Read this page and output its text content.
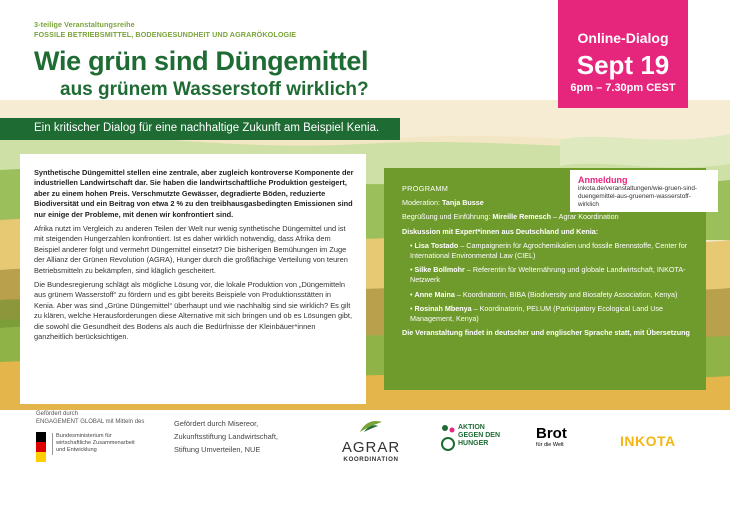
3-teilige Veranstaltungsreihe
FOSSILE BETRIEBSMITTEL, BODENGESUNDHEIT UND AGRARÖKOLOGIE
Wie grün sind Düngemittel
aus grünem Wasserstoff wirklich?
Online-Dialog
Sept 19
6pm – 7.30pm CEST
Ein kritischer Dialog für eine nachhaltige Zukunft am Beispiel Kenia.

Synthetische Düngemittel stellen eine zentrale, aber zugleich kontroverse Komponente der industriellen Landwirtschaft dar. Sie haben die landwirtschaftliche Produktion gesteigert, aber zu einem hohen Preis. Verschmutzte Gewässer, degradierte Böden, reduzierte Biodiversität und ein Beitrag von etwa 2 % zu den treibhausgasbedingten Emissionen sind nur einige der Probleme, mit denen wir konfrontiert sind.

Afrika nutzt im Vergleich zu anderen Teilen der Welt nur wenig synthetische Düngemittel und ist mit steigenden Hungerzahlen konfrontiert. Ist es daher wirklich notwendig, dass Afrika dem Beispiel anderer folgt und vermehrt Düngemittel einsetzt? Die bisherigen Bemühungen im Zuge der Allianz der Grünen Revolution (AGRA), Hunger durch die großflächige Verteilung von teuren Betriebsmitteln zu bekämpfen, sind kläglich gescheitert.

Die Bundesregierung schlägt als mögliche Lösung vor, die lokale Produktion von „Düngemitteln aus grünem Wasserstoff“ zu fördern und es gibt bereits Beispiele von Produktionsstätten in Kenia. Aber was sind „Grüne Düngemittel“ überhaupt und wie nachhaltig sind sie wirklich? Es gilt zu klären, welche Herausforderungen diese Alternative mit sich bringen und ob es Lösungen gibt, die sowohl die Gesundheit des Bodens als auch die Bedürfnisse der Kleinbäuer*innen ganzheitlich berücksichtigen.

PROGRAMM

Moderation: Tanja Busse

Begrüßung und Einführung: Mireille Remesch – Agrar Koordination

Diskussion mit Expert*innen aus Deutschland und Kenia:

• Lisa Tostado – Campaignerin für Agrochemikalien und fossile Brennstoffe, Center for International Environmental Law (CIEL)

• Silke Bollmohr – Referentin für Welternährung und globale Landwirtschaft, INKOTA-Netzwerk

• Anne Maina – Koordinatorin, BIBA (Biodiversity and Biosafety Association, Kenya)

• Rosinah Mbenya – Koordinatorin, PELUM (Participatory Ecological Land Use Management, Kenya)

Die Veranstaltung findet in deutscher und englischer Sprache statt, mit Übersetzung

Anmeldung
inkota.de/veranstaltungen/wie-gruen-sind-duengemittel-aus-gruenem-wasserstoff-wirklich
Gefördert durch
ENGAGEMENT GLOBAL mit Mitteln des
Bundesministerium für
wirtschaftliche Zusammenarbeit
und Entwicklung
Gefördert durch Misereor,
Zukunftsstiftung Landwirtschaft,
Stiftung Umverteilen, NUE	AGRAR
KOORDINATION
AKTION
GEGEN DEN
HUNGER
Brot
für die Welt	INKOTA
